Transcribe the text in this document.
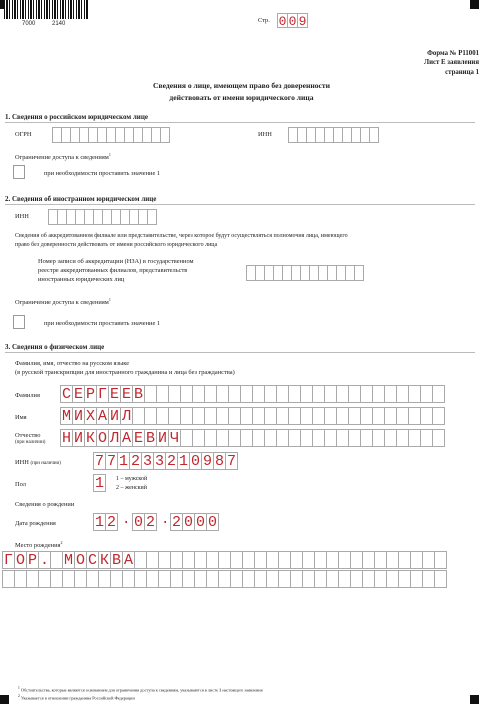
7000	2140	Стр. 0 0 9
Форма № Р11001
Лист Е заявления
страница 1
Сведения о лице, имеющем право без доверенности
действовать от имени юридического лица
1. Сведения о российском юридическом лице
ОГРН	ИНН
Ограничение доступа к сведениям$^1$
при необходимости проставить значение 1
2. Сведения об иностранном юридическом лице
ИНН
Сведения об аккредитованном филиале или представительстве, через которое будут осуществляться полномочия лица, имеющего
право без доверенности действовать от имени российского юридического лица
Номер записи об аккредитации (НЗА) в государственном
реестре аккредитованных филиалов, представительств
иностранных юридических лиц
Ограничение доступа к сведениям$^1$
при необходимости проставить значение 1
3. Сведения о физическом лице
Фамилия, имя, отчество на русском языке
(в русской транскрипции для иностранного гражданина и лица без гражданства)
Фамилия С Е Р Г Е Е В
Имя М И Х А И Л
Отчество
(при наличии) Н И К О Л А Е В И Ч
ИНН (при наличии) 7 7 1 2 3 3 2 1 0 9 8 7
Пол	1	1 – мужской
2 – женский
Сведения о рождении
Дата рождения	1 2 . 0 2 . 2 0 0 0
Место рождения$^2$
Г О Р . М О С К В А
$^1$ Обстоятельства, которые являются основанием для ограничения доступа к сведениям, указываются в листе З настоящего заявления
$^2$ Указывается в отношении гражданина Российской Федерации
